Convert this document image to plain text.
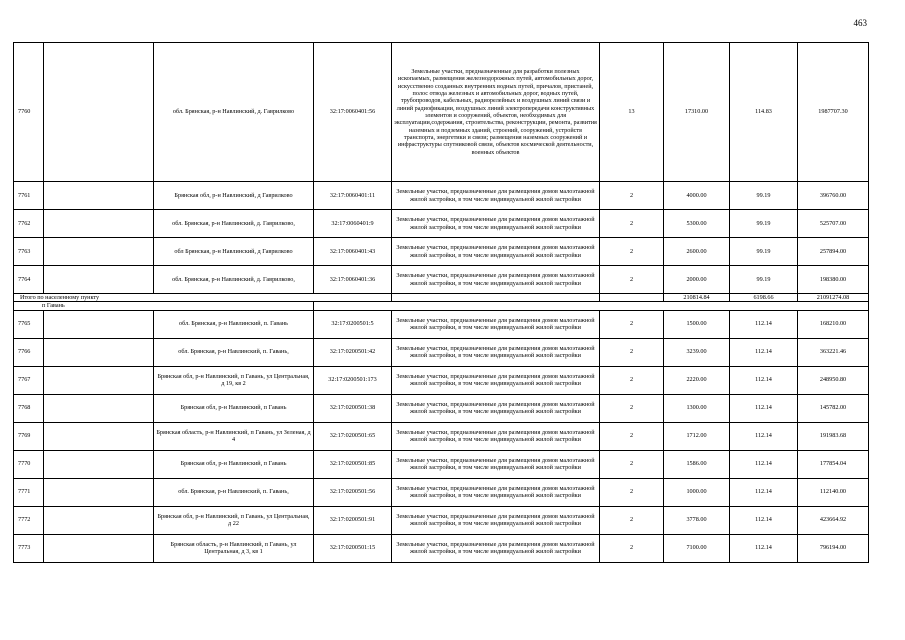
463
7760		обл. Брянская, р-н Навлинский, д. Гаврилково	32:17:0060401:56	Земельные участки, предназначенные для разработки полезных ископаемых, размещения железнодорожных путей, автомобильных дорог, искусственно созданных внутренних водных путей, причалов, пристаней, полос отвода железных и автомобильных дорог, водных путей, трубопроводов, кабельных, радиорелейных и воздушных линий связи и линий радиофикации, воздушных линий электропередачи конструктивных элементов и сооружений, объектов, необходимых для эксплуатации,содержания, строительства, реконструкции, ремонта, развития наземных и подземных зданий, строений, сооружений, устройств транспорта, энергетики и связи; размещения наземных сооружений и инфраструктуры спутниковой связи, объектов космической деятельности, военных объектов	13	17310.00	114.83	1987707.30
7761		Брянская обл, р-н Навлинский, д Гаврилково	32:17:0060401:11	Земельные участки, предназначенные для размещения домов малоэтажной жилой застройки, в том числе индивидуальной жилой застройки	2	4000.00	99.19	396760.00
7762		обл. Брянская, р-н Навлинский, д. Гаврилково,	32:17:0060401:9	Земельные участки, предназначенные для размещения домов малоэтажной жилой застройки, в том числе индивидуальной жилой застройки	2	5300.00	99.19	525707.00
7763		обл Брянская, р-н Навлинский, д Гаврилково	32:17:0060401:43	Земельные участки, предназначенные для размещения домов малоэтажной жилой застройки, в том числе индивидуальной жилой застройки	2	2600.00	99.19	257894.00
7764		обл. Брянская, р-н Навлинский, д. Гаврилково,	32:17:0060401:36	Земельные участки, предназначенные для размещения домов малоэтажной жилой застройки, в том числе индивидуальной жилой застройки	2	2000.00	99.19	198380.00
Итого по населенному пункту						210814.84	6198.66	21091274.08
п Гавань								
7765		обл. Брянская, р-н Навлинский, п. Гавань	32:17:0200501:5	Земельные участки, предназначенные для размещения домов малоэтажной жилой застройки, в том числе индивидуальной жилой застройки	2	1500.00	112.14	168210.00
7766		обл. Брянская, р-н Навлинский, п. Гавань,	32:17:0200501:42	Земельные участки, предназначенные для размещения домов малоэтажной жилой застройки, в том числе индивидуальной жилой застройки	2	3239.00	112.14	363221.46
7767		Брянская обл, р-н Навлинский, п Гавань, ул Центральная, д 19, кв 2	32:17:0200501:173	Земельные участки, предназначенные для размещения домов малоэтажной жилой застройки, в том числе индивидуальной жилой застройки	2	2220.00	112.14	248950.80
7768		Брянская обл, р-н Навлинский, п Гавань	32:17:0200501:38	Земельные участки, предназначенные для размещения домов малоэтажной жилой застройки, в том числе индивидуальной жилой застройки	2	1300.00	112.14	145782.00
7769		Брянская область, р-н Навлинский, п Гавань, ул Зеленая, д 4	32:17:0200501:65	Земельные участки, предназначенные для размещения домов малоэтажной жилой застройки, в том числе индивидуальной жилой застройки	2	1712.00	112.14	191983.68
7770		Брянская обл, р-н Навлинский, п Гавань	32:17:0200501:85	Земельные участки, предназначенные для размещения домов малоэтажной жилой застройки, в том числе индивидуальной жилой застройки	2	1586.00	112.14	177854.04
7771		обл. Брянская, р-н Навлинский, п. Гавань,	32:17:0200501:56	Земельные участки, предназначенные для размещения домов малоэтажной жилой застройки, в том числе индивидуальной жилой застройки	2	1000.00	112.14	112140.00
7772		Брянская обл, р-н Навлинский, п Гавань, ул Центральная, д 22	32:17:0200501:91	Земельные участки, предназначенные для размещения домов малоэтажной жилой застройки, в том числе индивидуальной жилой застройки	2	3778.00	112.14	423664.92
7773		Брянская область, р-н Навлинский, п Гавань, ул Центральная, д 3, кв 1	32:17:0200501:15	Земельные участки, предназначенные для размещения домов малоэтажной жилой застройки, в том числе индивидуальной жилой застройки	2	7100.00	112.14	796194.00
